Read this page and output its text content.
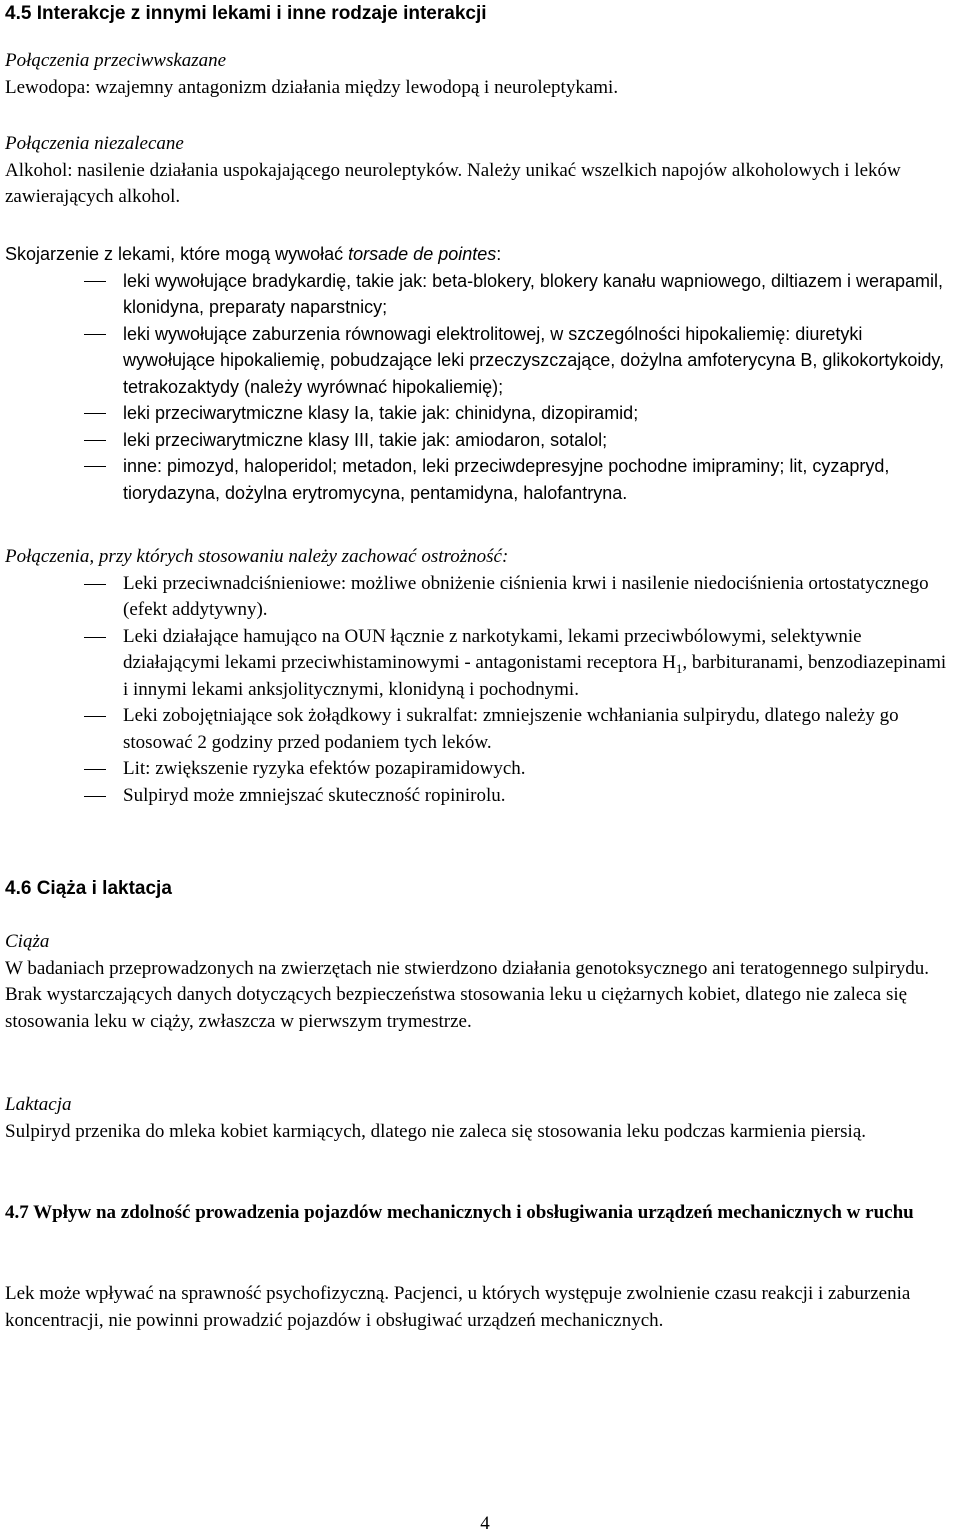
4.5 Interakcje z innymi lekami i inne rodzaje interakcji

Połączenia przeciwwskazane

Lewodopa: wzajemny antagonizm działania między lewodopą i neuroleptykami.

Połączenia niezalecane

Alkohol: nasilenie działania uspokajającego neuroleptyków. Należy unikać wszelkich napojów alkoholowych i leków zawierających alkohol.

Skojarzenie z lekami, które mogą wywołać torsade de pointes:

leki wywołujące bradykardię, takie jak: beta-blokery, blokery kanału wapniowego, diltiazem i werapamil, klonidyna, preparaty naparstnicy;
leki wywołujące zaburzenia równowagi elektrolitowej, w szczególności hipokaliemię: diuretyki wywołujące hipokaliemię, pobudzające leki przeczyszczające, dożylna amfoterycyna B, glikokortykoidy, tetrakozaktydy (należy wyrównać hipokaliemię);
leki przeciwarytmiczne klasy Ia, takie jak: chinidyna, dizopiramid;
leki przeciwarytmiczne klasy III, takie jak: amiodaron, sotalol;
inne: pimozyd, haloperidol; metadon, leki przeciwdepresyjne pochodne imipraminy; lit, cyzapryd, tiorydazyna, dożylna erytromycyna, pentamidyna, halofantryna.

Połączenia, przy których stosowaniu należy zachować ostrożność:

Leki przeciwnadciśnieniowe: możliwe obniżenie ciśnienia krwi i nasilenie niedociśnienia ortostatycznego (efekt addytywny).
Leki działające hamująco na OUN łącznie z narkotykami, lekami przeciwbólowymi, selektywnie działającymi lekami przeciwhistaminowymi - antagonistami receptora $H_1$, barbituranami, benzodiazepinami i innymi lekami anksjolitycznymi, klonidyną i pochodnymi.
Leki zobojętniające sok żołądkowy i sukralfat: zmniejszenie wchłaniania sulpirydu, dlatego należy go stosować 2 godziny przed podaniem tych leków.
Lit: zwiększenie ryzyka efektów pozapiramidowych.
Sulpiryd może zmniejszać skuteczność ropinirolu.
4.6 Ciąża i laktacja

Ciąża

W badaniach przeprowadzonych na zwierzętach nie stwierdzono działania genotoksycznego ani teratogennego sulpirydu.

Brak wystarczających danych dotyczących bezpieczeństwa stosowania leku u ciężarnych kobiet, dlatego nie zaleca się stosowania leku w ciąży, zwłaszcza w pierwszym trymestrze.

Laktacja

Sulpiryd przenika do mleka kobiet karmiących, dlatego nie zaleca się stosowania leku podczas karmienia piersią.

4.7 Wpływ na zdolność prowadzenia pojazdów mechanicznych i obsługiwania urządzeń mechanicznych w ruchu

Lek może wpływać na sprawność psychofizyczną. Pacjenci, u których występuje zwolnienie czasu reakcji i zaburzenia koncentracji, nie powinni prowadzić pojazdów i obsługiwać urządzeń mechanicznych.

4
